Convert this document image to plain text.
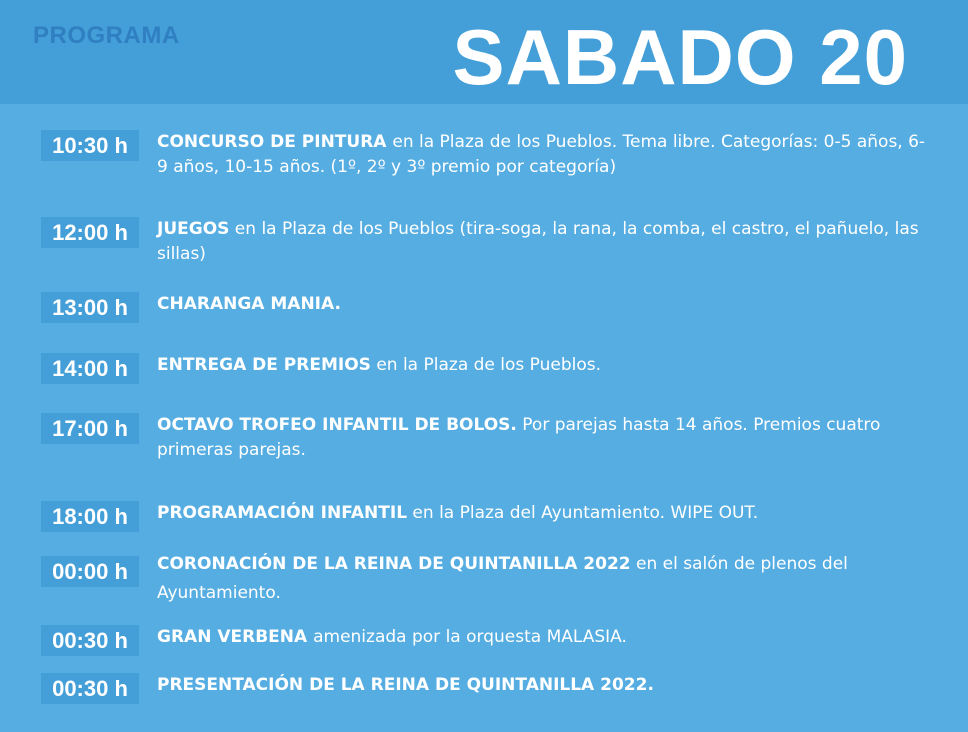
PROGRAMA	SABADO 20
10:30 h	CONCURSO DE PINTURA en la Plaza de los Pueblos. Tema libre. Categorías: 0-5 años, 6-9 años, 10-15 años. (1º, 2º y 3º premio por categoría)
12:00 h	JUEGOS en la Plaza de los Pueblos (tira-soga, la rana, la comba, el castro, el pañuelo, las sillas)
13:00 h	CHARANGA MANIA.
14:00 h	ENTREGA DE PREMIOS en la Plaza de los Pueblos.
17:00 h	OCTAVO TROFEO INFANTIL DE BOLOS. Por parejas hasta 14 años. Premios cuatro primeras parejas.
18:00 h	PROGRAMACIÓN INFANTIL en la Plaza del Ayuntamiento. WIPE OUT.
00:00 h	CORONACIÓN DE LA REINA DE QUINTANILLA 2022 en el salón de plenos del Ayuntamiento.
00:30 h	GRAN VERBENA amenizada por la orquesta MALASIA.
00:30 h	PRESENTACIÓN DE LA REINA DE QUINTANILLA 2022.
